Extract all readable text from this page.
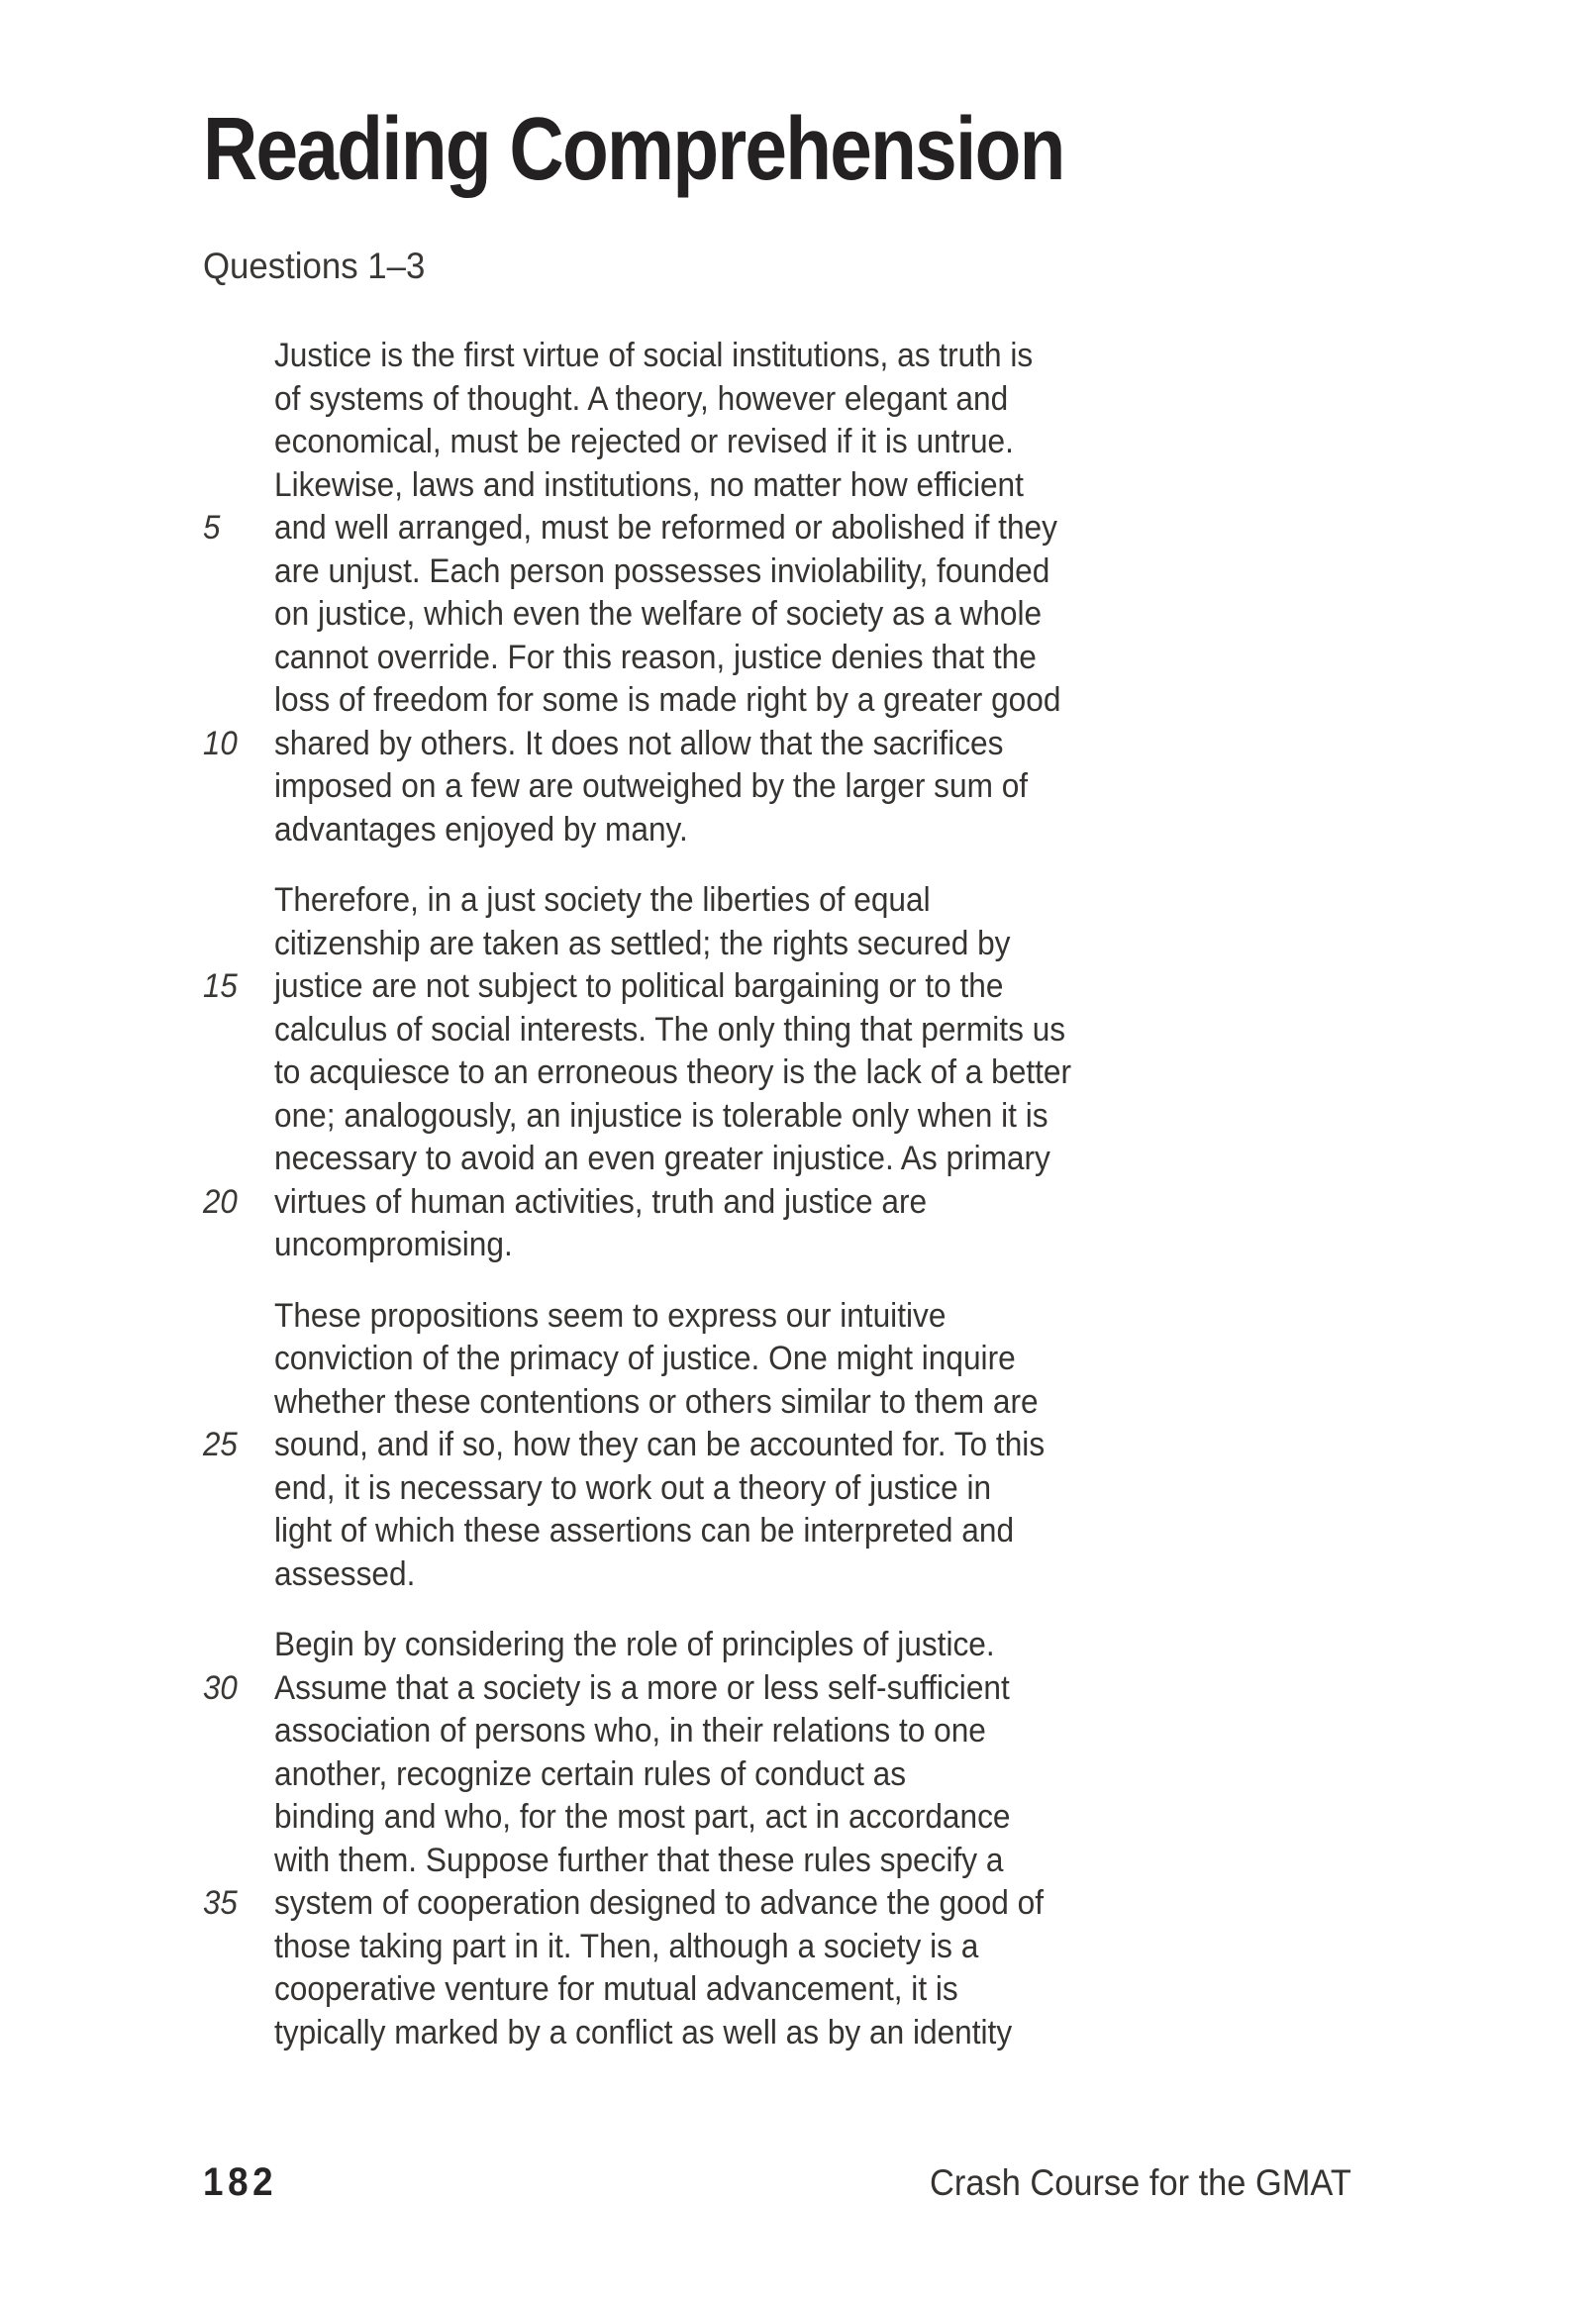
Reading Comprehension
Questions 1–3
Justice is the first virtue of social institutions, as truth is
of systems of thought. A theory, however elegant and
economical, must be rejected or revised if it is untrue.
Likewise, laws and institutions, no matter how efficient
5	and well arranged, must be reformed or abolished if they
are unjust. Each person possesses inviolability, founded
on justice, which even the welfare of society as a whole
cannot override. For this reason, justice denies that the
loss of freedom for some is made right by a greater good
10	shared by others. It does not allow that the sacrifices
imposed on a few are outweighed by the larger sum of
advantages enjoyed by many.
Therefore, in a just society the liberties of equal
citizenship are taken as settled; the rights secured by
15	justice are not subject to political bargaining or to the
calculus of social interests. The only thing that permits us
to acquiesce to an erroneous theory is the lack of a better
one; analogously, an injustice is tolerable only when it is
necessary to avoid an even greater injustice. As primary
20	virtues of human activities, truth and justice are
uncompromising.
These propositions seem to express our intuitive
conviction of the primacy of justice. One might inquire
whether these contentions or others similar to them are
25	sound, and if so, how they can be accounted for. To this
end, it is necessary to work out a theory of justice in
light of which these assertions can be interpreted and
assessed.
Begin by considering the role of principles of justice.
30	Assume that a society is a more or less self-sufficient
association of persons who, in their relations to one
another, recognize certain rules of conduct as
binding and who, for the most part, act in accordance
with them. Suppose further that these rules specify a
35	system of cooperation designed to advance the good of
those taking part in it. Then, although a society is a
cooperative venture for mutual advancement, it is
typically marked by a conflict as well as by an identity
182	Crash Course for the GMAT
